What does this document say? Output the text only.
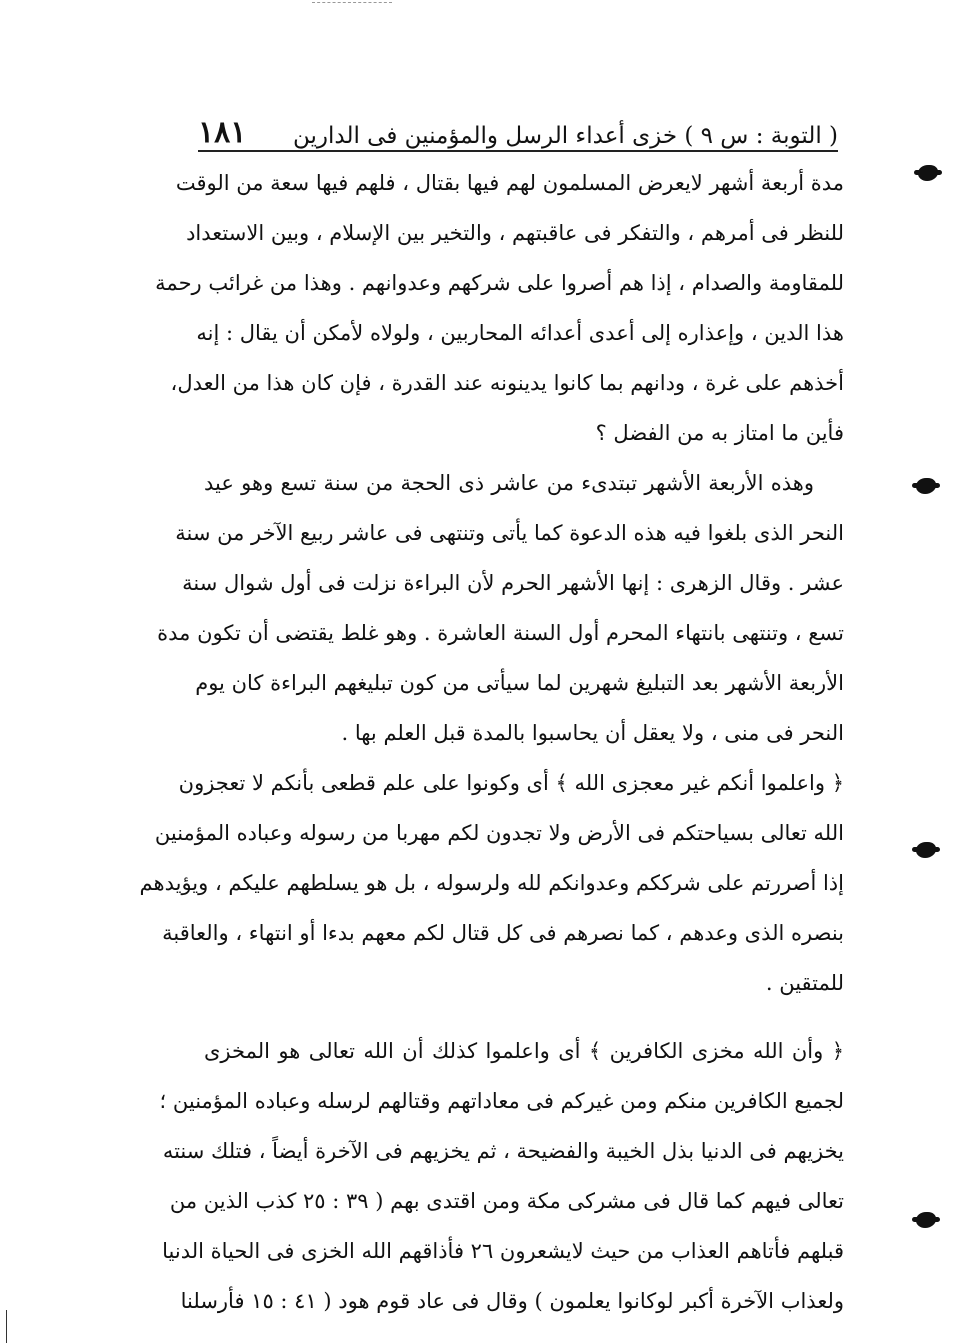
( التوبة : س ٩ ) خزى أعداء الرسل والمؤمنين فى الدارين
١٨١
مدة أربعة أشهر لايعرض المسلمون لهم فيها بقتال ، فلهم فيها سعة من الوقت
للنظر فى أمرهم ، والتفكر فى عاقبتهم ، والتخير بين الإسلام ، وبين الاستعداد
للمقاومة والصدام ، إذا هم أصروا على شركهم وعدوانهم . وهذا من غرائب رحمة
هذا الدين ، وإعذاره إلى أعدى أعدائه المحاربين ، ولولاه لأمكن أن يقال : إنه
أخذهم على غرة ، ودانهم بما كانوا يدينونه عند القدرة ، فإن كان هذا من العدل،
فأين ما امتاز به من الفضل ؟
وهذه الأربعة الأشهر تبتدىء من عاشر ذى الحجة من سنة تسع وهو عيد
النحر الذى بلغوا فيه هذه الدعوة كما يأتى وتنتهى فى عاشر ربيع الآخر من سنة
عشر . وقال الزهرى : إنها الأشهر الحرم لأن البراءة نزلت فى أول شوال سنة
تسع ، وتنتهى بانتهاء المحرم أول السنة العاشرة . وهو غلط يقتضى أن تكون مدة
الأربعة الأشهر بعد التبليغ شهرين لما سيأتى من كون تبليغهم البراءة كان يوم
النحر فى منى ، ولا يعقل أن يحاسبوا بالمدة قبل العلم بها .
﴿ واعلموا أنكم غير معجزى الله ﴾ أى وكونوا على علم قطعى بأنكم لا تعجزون
الله تعالى بسياحتكم فى الأرض ولا تجدون لكم مهربا من رسوله وعباده المؤمنين
إذا أصررتم على شرككم وعدوانكم لله ولرسوله ، بل هو يسلطهم عليكم ، ويؤيدهم
بنصره الذى وعدهم ، كما نصرهم فى كل قتال لكم معهم بدءا أو انتهاء ، والعاقبة
للمتقين .
﴿ وأن الله مخزى الكافرين ﴾ أى واعلموا كذلك أن الله تعالى هو المخزى
لجميع الكافرين منكم ومن غيركم فى معاداتهم وقتالهم لرسله وعباده المؤمنين ؛
يخزيهم فى الدنيا بذل الخيبة والفضيحة ، ثم يخزيهم فى الآخرة أيضاً ، فتلك سنته
تعالى فيهم كما قال فى مشركى مكة ومن اقتدى بهم ( ٣٩ : ٢٥ كذب الذين من
قبلهم فأتاهم العذاب من حيث لايشعرون ٢٦ فأذاقهم الله الخزى فى الحياة الدنيا
ولعذاب الآخرة أكبر لوكانوا يعلمون ) وقال فى عاد قوم هود ( ٤١ : ١٥ فأرسلنا
